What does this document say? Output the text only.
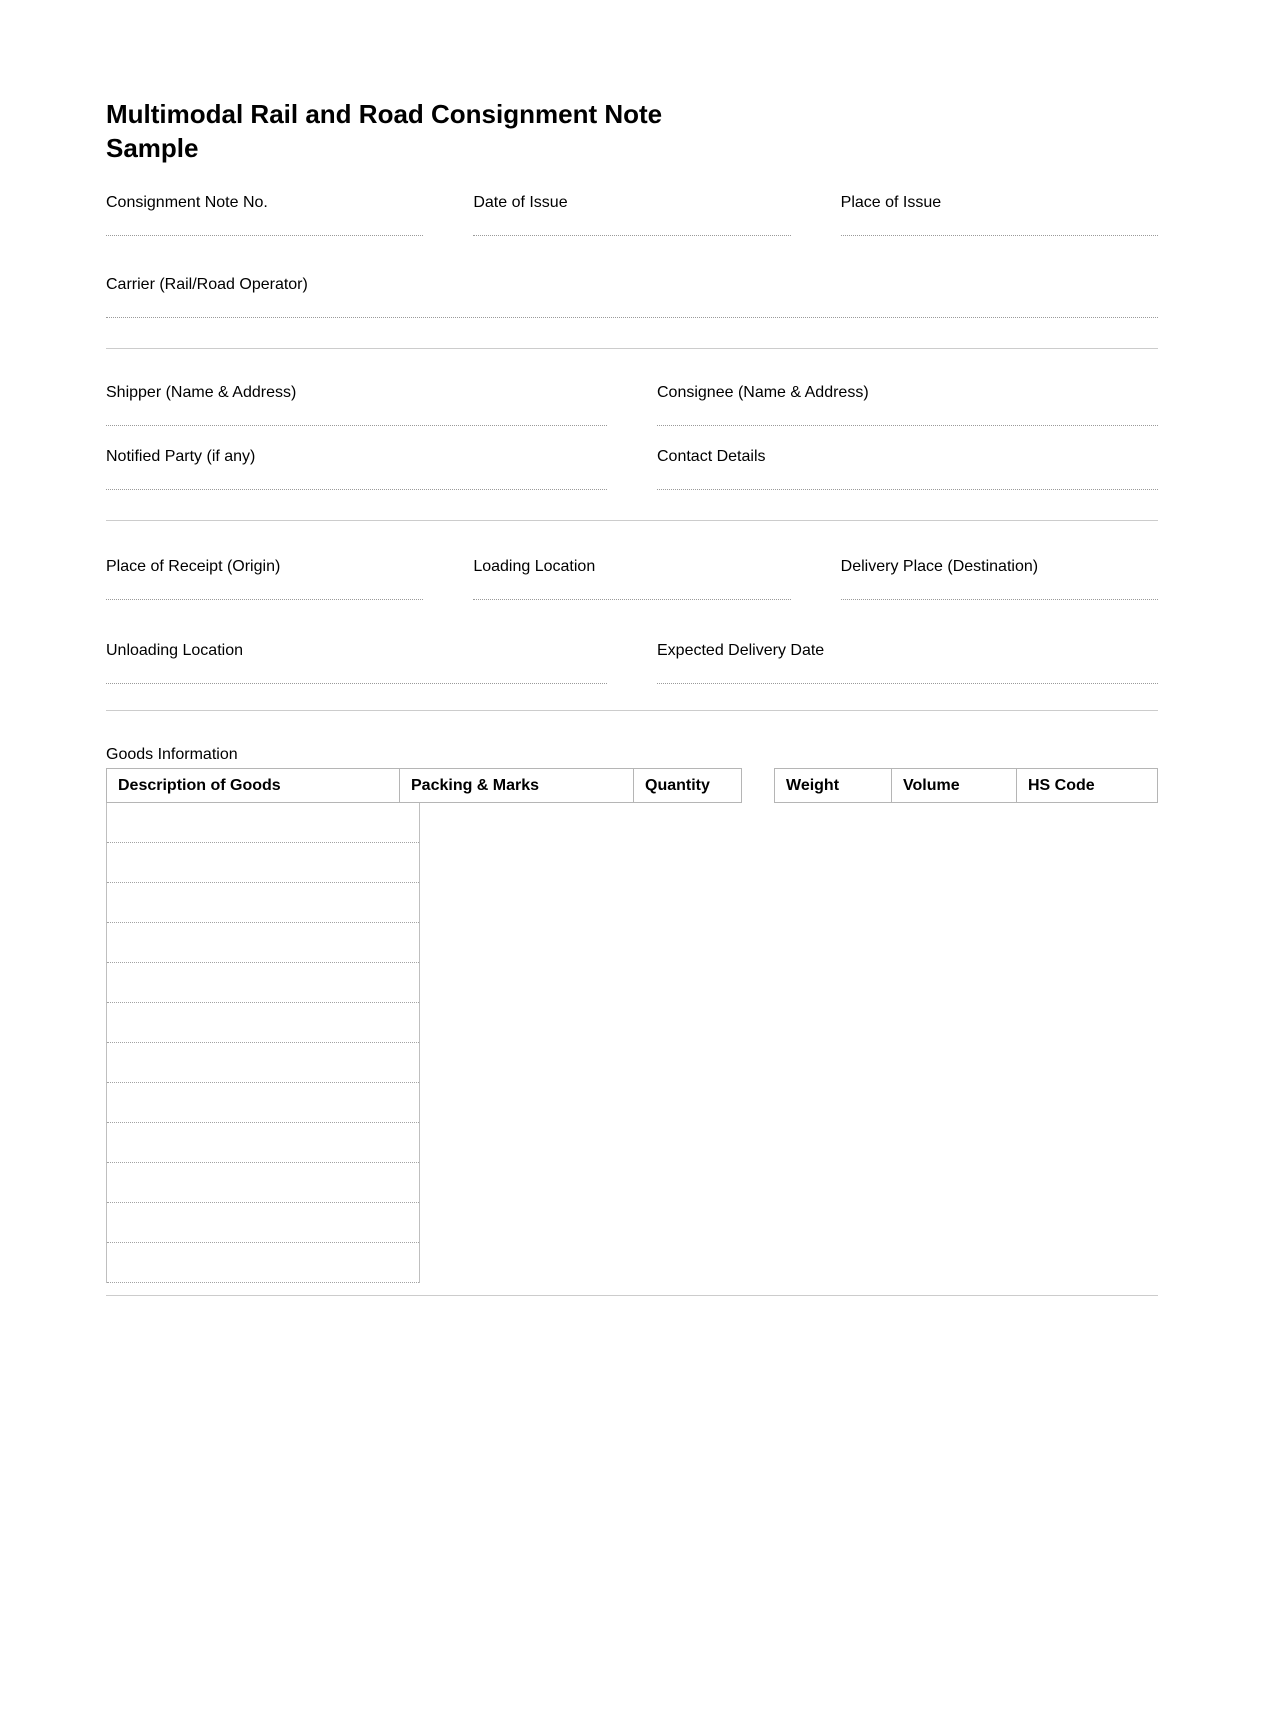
Multimodal Rail and Road Consignment Note
Sample
Consignment Note No.	Date of Issue	Place of Issue
Carrier (Rail/Road Operator)
Shipper (Name & Address)	Consignee (Name & Address)
Notified Party (if any)	Contact Details
Place of Receipt (Origin)	Loading Location	Delivery Place (Destination)
Unloading Location	Expected Delivery Date
Goods Information
Description of Goods	Packing & Marks	Quantity	Weight	Volume	HS Code
